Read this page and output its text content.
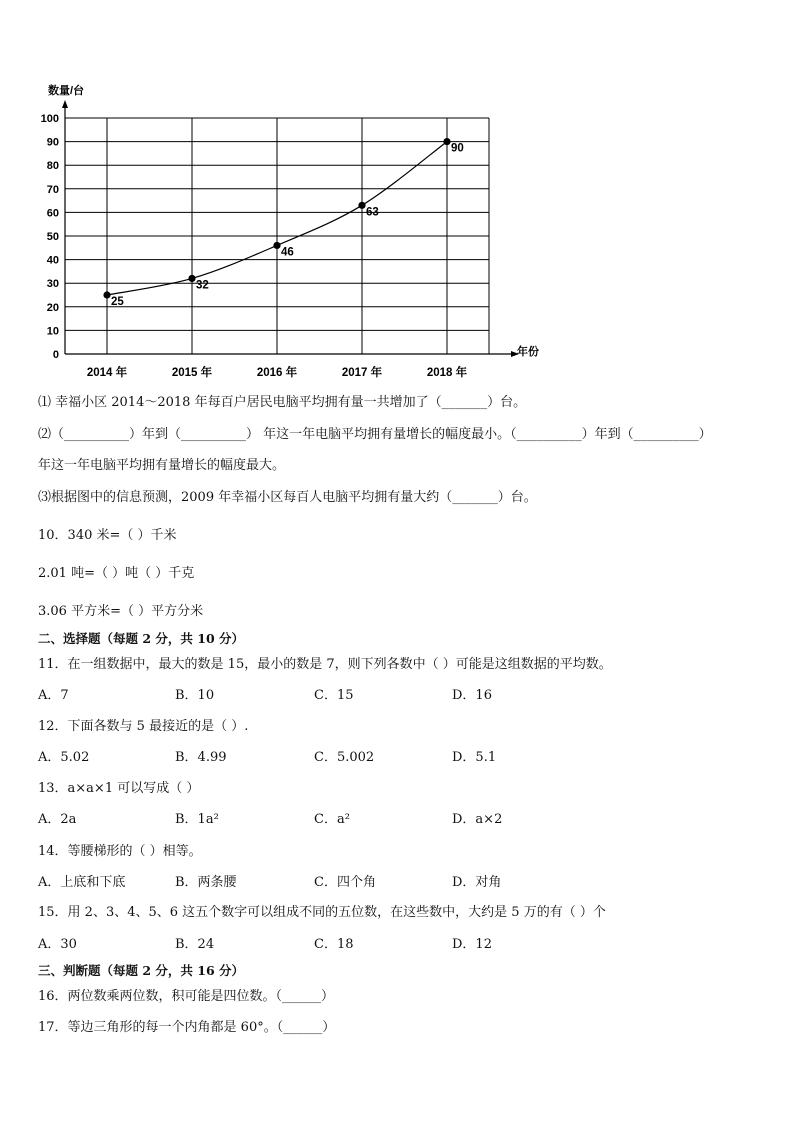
0
10
20
30
40
50
60
70
80
90
100
2014 年	2015 年	2016 年	2017 年	2018 年
25
32
46
63
90
数量/台
年份
⑴ 幸福小区 2014～2018 年每百户居民电脑平均拥有量一共增加了（_______）台。
⑵（__________）年到（__________） 年这一年电脑平均拥有量增长的幅度最小。（__________）年到（__________）
年这一年电脑平均拥有量增长的幅度最大。
⑶根据图中的信息预测，2009 年幸福小区每百人电脑平均拥有量大约（_______）台。
10．340 米=（ ）千米
2.01 吨=（ ）吨（ ）千克
3.06 平方米=（ ）平方分米
二、选择题（每题 2 分，共 10 分）
11．在一组数据中，最大的数是 15，最小的数是 7，则下列各数中（ ）可能是这组数据的平均数。
A．7	B．10	C．15	D．16
12．下面各数与 5 最接近的是（ ）.
A．5.02	B．4.99	C．5.002	D．5.1
13．a×a×1 可以写成（ ）
A．2a	B．1a²	C．a²	D．a×2
14．等腰梯形的（ ）相等。
A．上底和下底	B．两条腰	C．四个角	D．对角
15．用 2、3、4、5、6 这五个数字可以组成不同的五位数，在这些数中，大约是 5 万的有（ ）个
A．30	B．24	C．18	D．12
三、判断题（每题 2 分，共 16 分）
16．两位数乘两位数，积可能是四位数。（______）
17．等边三角形的每一个内角都是 60°。（______）
